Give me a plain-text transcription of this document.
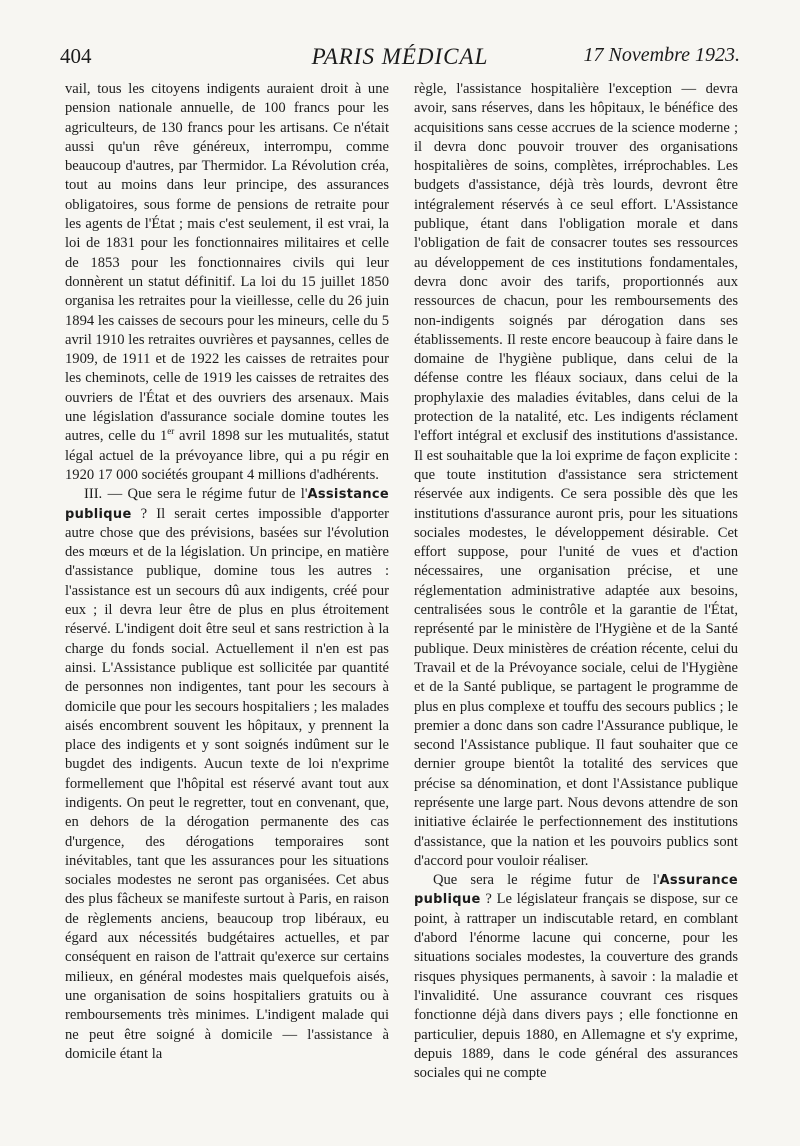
404	PARIS MÉDICAL	17 Novembre 1923.

vail, tous les citoyens indigents auraient droit à une pension nationale annuelle, de 100 francs pour les agriculteurs, de 130 francs pour les artisans. Ce n'était aussi qu'un rêve généreux, interrompu, comme beaucoup d'autres, par Thermidor. La Révolution créa, tout au moins dans leur principe, des assurances obligatoires, sous forme de pensions de retraite pour les agents de l'État ; mais c'est seulement, il est vrai, la loi de 1831 pour les fonctionnaires militaires et celle de 1853 pour les fonctionnaires civils qui leur donnèrent un statut définitif. La loi du 15 juillet 1850 organisa les retraites pour la vieillesse, celle du 26 juin 1894 les caisses de secours pour les mineurs, celle du 5 avril 1910 les retraites ouvrières et paysannes, celles de 1909, de 1911 et de 1922 les caisses de retraites pour les cheminots, celle de 1919 les caisses de retraites des ouvriers de l'État et des ouvriers des arsenaux. Mais une législation d'assurance sociale domine toutes les autres, celle du 1er avril 1898 sur les mutualités, statut légal actuel de la prévoyance libre, qui a pu régir en 1920 17 000 sociétés groupant 4 millions d'adhérents.

III. — Que sera le régime futur de l'Assistance publique ? Il serait certes impossible d'apporter autre chose que des prévisions, basées sur l'évolution des mœurs et de la législation. Un principe, en matière d'assistance publique, domine tous les autres : l'assistance est un secours dû aux indigents, créé pour eux ; il devra leur être de plus en plus étroitement réservé. L'indigent doit être seul et sans restriction à la charge du fonds social. Actuellement il n'en est pas ainsi. L'Assistance publique est sollicitée par quantité de personnes non indigentes, tant pour les secours à domicile que pour les secours hospitaliers ; les malades aisés encombrent souvent les hôpitaux, y prennent la place des indigents et y sont soignés indûment sur le bugdet des indigents. Aucun texte de loi n'exprime formellement que l'hôpital est réservé avant tout aux indigents. On peut le regretter, tout en convenant, que, en dehors de la dérogation permanente des cas d'urgence, des dérogations temporaires sont inévitables, tant que les assurances pour les situations sociales modestes ne seront pas organisées. Cet abus des plus fâcheux se manifeste surtout à Paris, en raison de règlements anciens, beaucoup trop libéraux, eu égard aux nécessités budgétaires actuelles, et par conséquent en raison de l'attrait qu'exerce sur certains milieux, en général modestes mais quelquefois aisés, une organisation de soins hospitaliers gratuits ou à remboursements très minimes. L'indigent malade qui ne peut être soigné à domicile — l'assistance à domicile étant la

règle, l'assistance hospitalière l'exception — devra avoir, sans réserves, dans les hôpitaux, le bénéfice des acquisitions sans cesse accrues de la science moderne ; il devra donc pouvoir trouver des organisations hospitalières de soins, complètes, irréprochables. Les budgets d'assistance, déjà très lourds, devront être intégralement réservés à ce seul effort. L'Assistance publique, étant dans l'obligation morale et dans l'obligation de fait de consacrer toutes ses ressources au développement de ces institutions fondamentales, devra donc avoir des tarifs, proportionnés aux ressources de chacun, pour les remboursements des non-indigents soignés par dérogation dans ses établissements. Il reste encore beaucoup à faire dans le domaine de l'hygiène publique, dans celui de la défense contre les fléaux sociaux, dans celui de la prophylaxie des maladies évitables, dans celui de la protection de la natalité, etc. Les indigents réclament l'effort intégral et exclusif des institutions d'assistance. Il est souhaitable que la loi exprime de façon explicite : que toute institution d'assistance sera strictement réservée aux indigents. Ce sera possible dès que les institutions d'assurance auront pris, pour les situations sociales modestes, le développement désirable. Cet effort suppose, pour l'unité de vues et d'action nécessaires, une organisation précise, et une réglementation administrative adaptée aux besoins, centralisées sous le contrôle et la garantie de l'État, représenté par le ministère de l'Hygiène et de la Santé publique. Deux ministères de création récente, celui du Travail et de la Prévoyance sociale, celui de l'Hygiène et de la Santé publique, se partagent le programme de plus en plus complexe et touffu des secours publics ; le premier a donc dans son cadre l'Assurance publique, le second l'Assistance publique. Il faut souhaiter que ce dernier groupe bientôt la totalité des services que précise sa dénomination, et dont l'Assistance publique représente une large part. Nous devons attendre de son initiative éclairée le perfectionnement des institutions d'assistance, que la nation et les pouvoirs publics sont d'accord pour vouloir réaliser.

Que sera le régime futur de l'Assurance publique ? Le législateur français se dispose, sur ce point, à rattraper un indiscutable retard, en comblant d'abord l'énorme lacune qui concerne, pour les situations sociales modestes, la couverture des grands risques physiques permanents, à savoir : la maladie et l'invalidité. Une assurance couvrant ces risques fonctionne déjà dans divers pays ; elle fonctionne en particulier, depuis 1880, en Allemagne et s'y exprime, depuis 1889, dans le code général des assurances sociales qui ne compte
